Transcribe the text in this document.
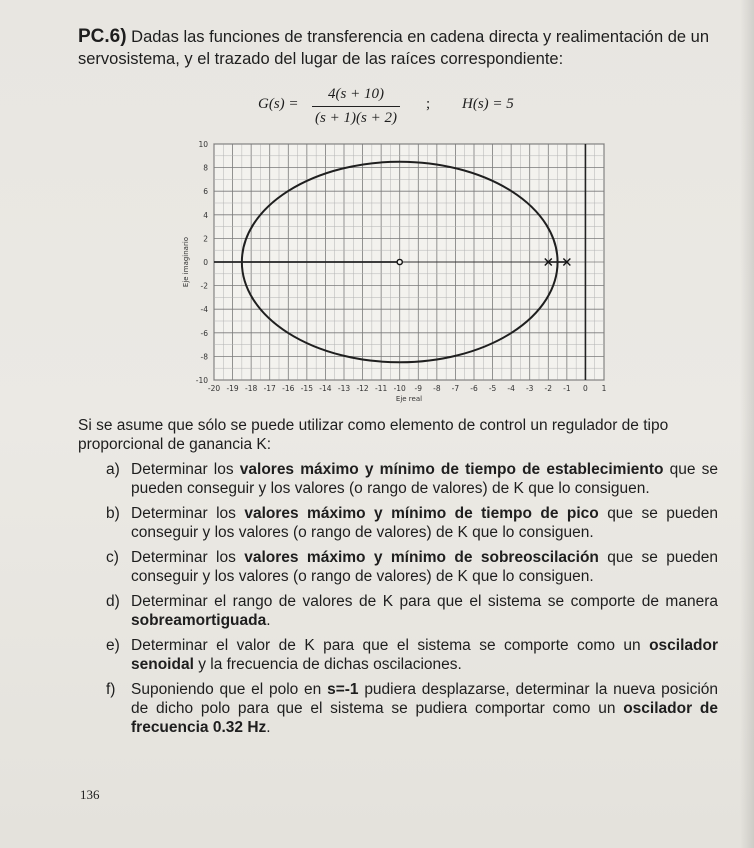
PC.6) Dadas las funciones de transferencia en cadena directa y realimentación de un servosistema, y el trazado del lugar de las raíces correspondiente:
G(s) =
4(s + 10)
(s + 1)(s + 2)
; H(s) = 5
-20 -19 -18 -17 -16 -15 -14 -13 -12 -11 -10 -9 -8 -7 -6 -5 -4 -3 -2 -1 0 1
-10
-8
-6
-4
-2
0
2
4
6
8
10
Eje real
Eje imaginario

Si se asume que sólo se puede utilizar como elemento de control un regulador de tipo proporcional de ganancia K:

a) Determinar los valores máximo y mínimo de tiempo de establecimiento que se pueden conseguir y los valores (o rango de valores) de K que lo consiguen.
b) Determinar los valores máximo y mínimo de tiempo de pico que se pueden conseguir y los valores (o rango de valores) de K que lo consiguen.
c) Determinar los valores máximo y mínimo de sobreoscilación que se pueden conseguir y los valores (o rango de valores) de K que lo consiguen.
d) Determinar el rango de valores de K para que el sistema se comporte de manera sobreamortiguada.
e) Determinar el valor de K para que el sistema se comporte como un oscilador senoidal y la frecuencia de dichas oscilaciones.
f) Suponiendo que el polo en s=-1 pudiera desplazarse, determinar la nueva posición de dicho polo para que el sistema se pudiera comportar como un oscilador de frecuencia 0.32 Hz.
136
